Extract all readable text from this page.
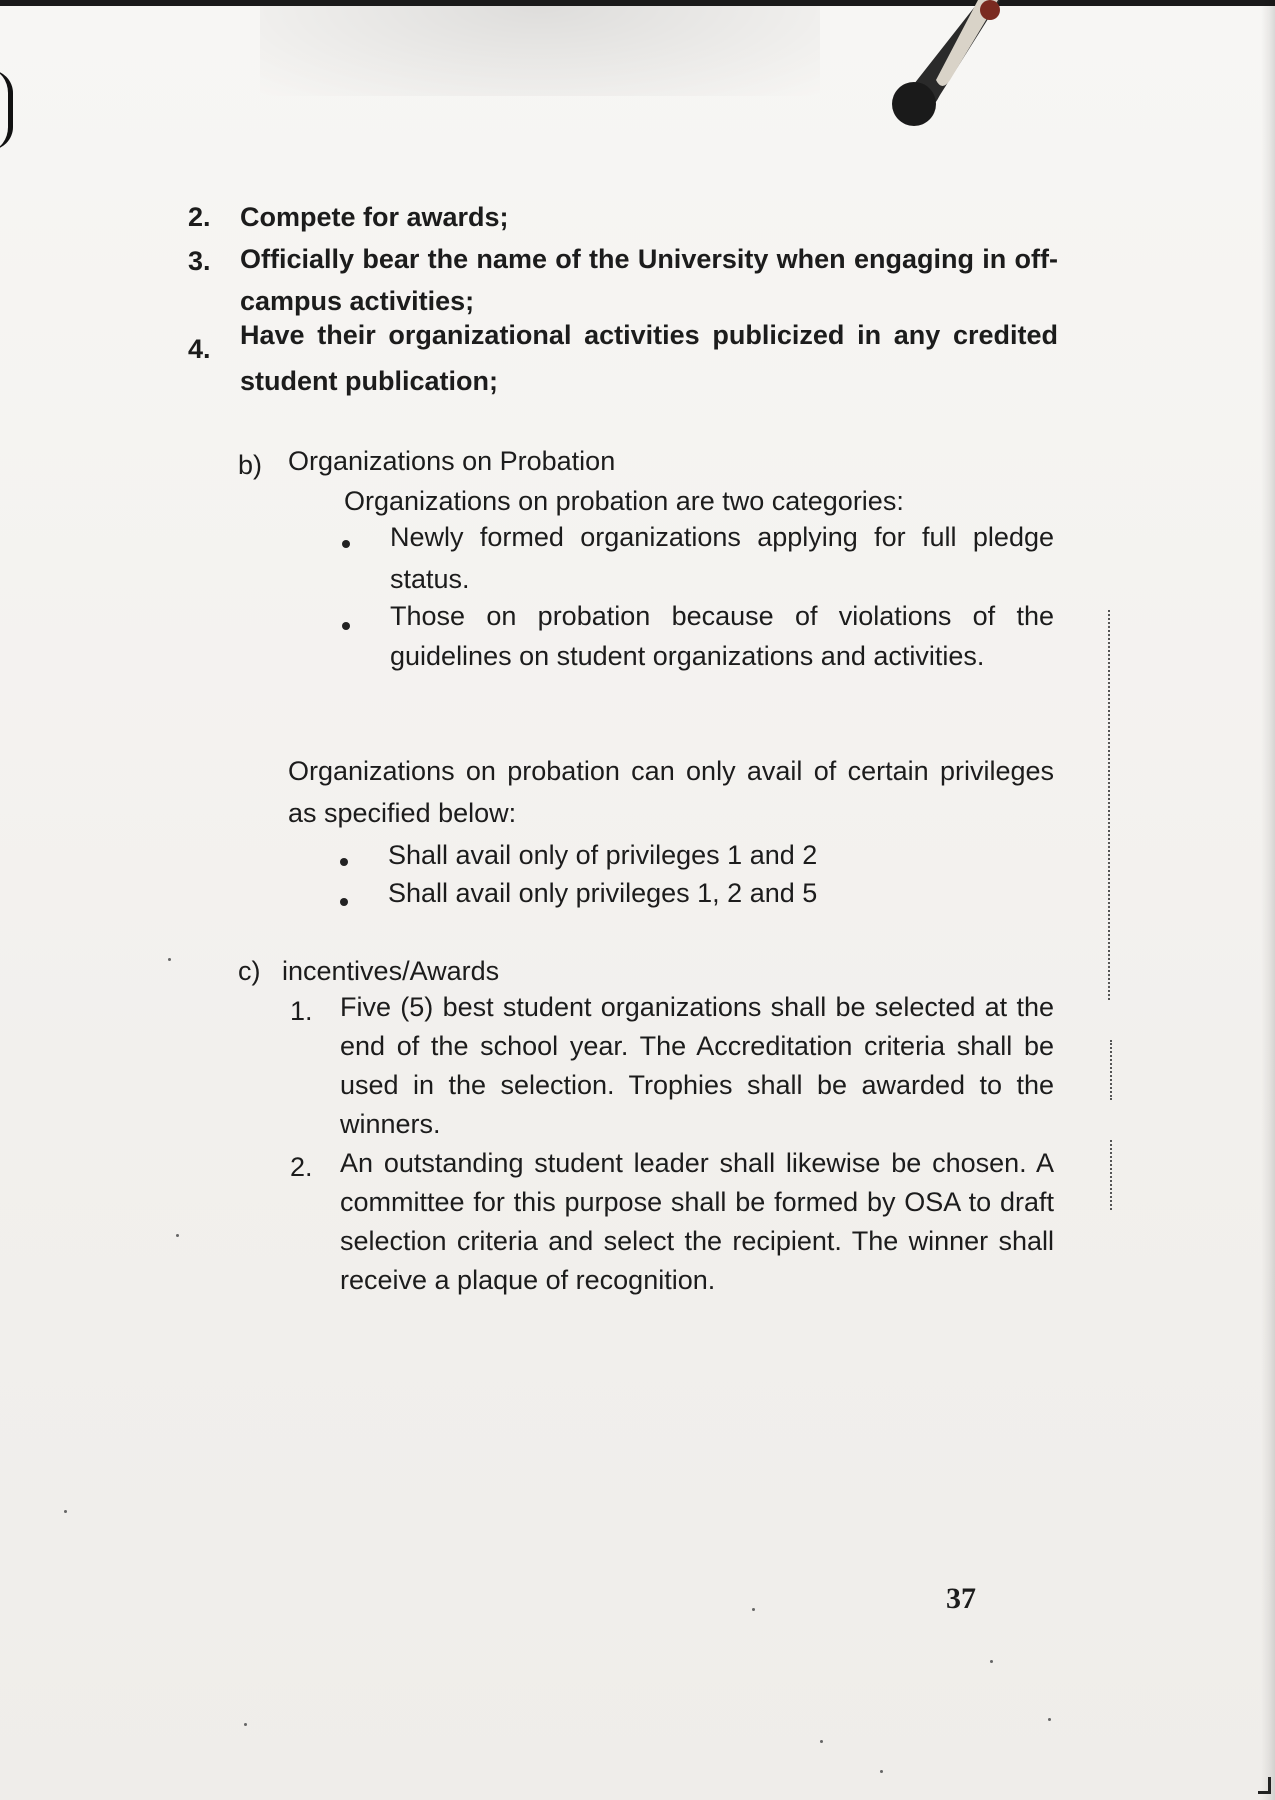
2. Compete for awards;
3. Officially bear the name of the University when engaging in off-campus activities;
4. Have their organizational activities publicized in any credited student publication;
b) Organizations on Probation
Organizations on probation are two categories:
Newly formed organizations applying for full pledge status.
Those on probation because of violations of the guidelines on student organizations and activities.
Organizations on probation can only avail of certain privileges as specified below:
Shall avail only of privileges 1 and 2
Shall avail only privileges 1, 2 and 5
c) incentives/Awards
1. Five (5) best student organizations shall be selected at the end of the school year. The Accreditation criteria shall be used in the selection. Trophies shall be awarded to the winners.
2. An outstanding student leader shall likewise be chosen. A committee for this purpose shall be formed by OSA to draft selection criteria and select the recipient. The winner shall receive a plaque of recognition.
37
